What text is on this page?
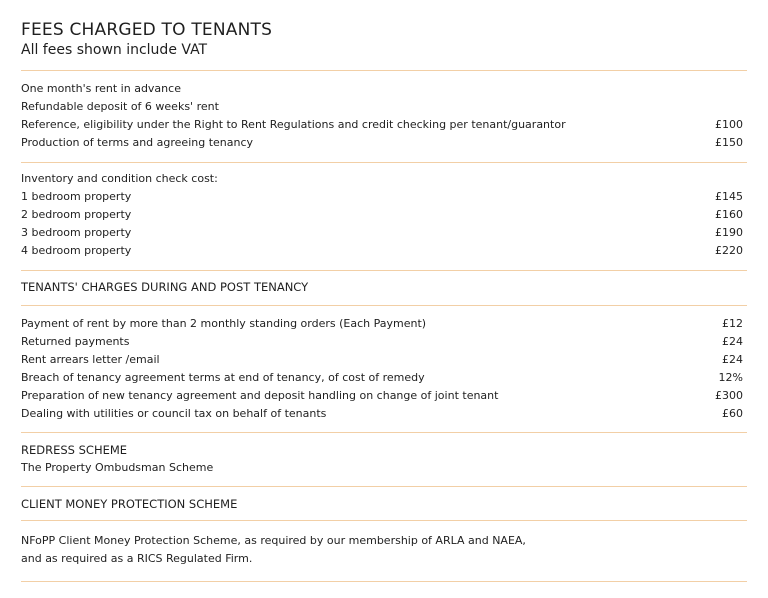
FEES CHARGED TO TENANTS
All fees shown include VAT
One month's rent in advance
Refundable deposit of 6 weeks' rent
Reference, eligibility under the Right to Rent Regulations and credit checking per tenant/guarantor	£100
Production of terms and agreeing tenancy	£150
Inventory and condition check cost:
1 bedroom property	£145
2 bedroom property	£160
3 bedroom property	£190
4 bedroom property	£220
TENANTS' CHARGES DURING AND POST TENANCY
Payment of rent by more than 2 monthly standing orders (Each Payment)	£12
Returned payments	£24
Rent arrears letter /email	£24
Breach of tenancy agreement terms at end of tenancy, of cost of remedy	12%
Preparation of new tenancy agreement and deposit handling on change of joint tenant	£300
Dealing with utilities or council tax on behalf of tenants	£60
REDRESS SCHEME
The Property Ombudsman Scheme
CLIENT MONEY PROTECTION SCHEME
NFoPP Client Money Protection Scheme, as required by our membership of ARLA and NAEA,
and as required as a RICS Regulated Firm.
